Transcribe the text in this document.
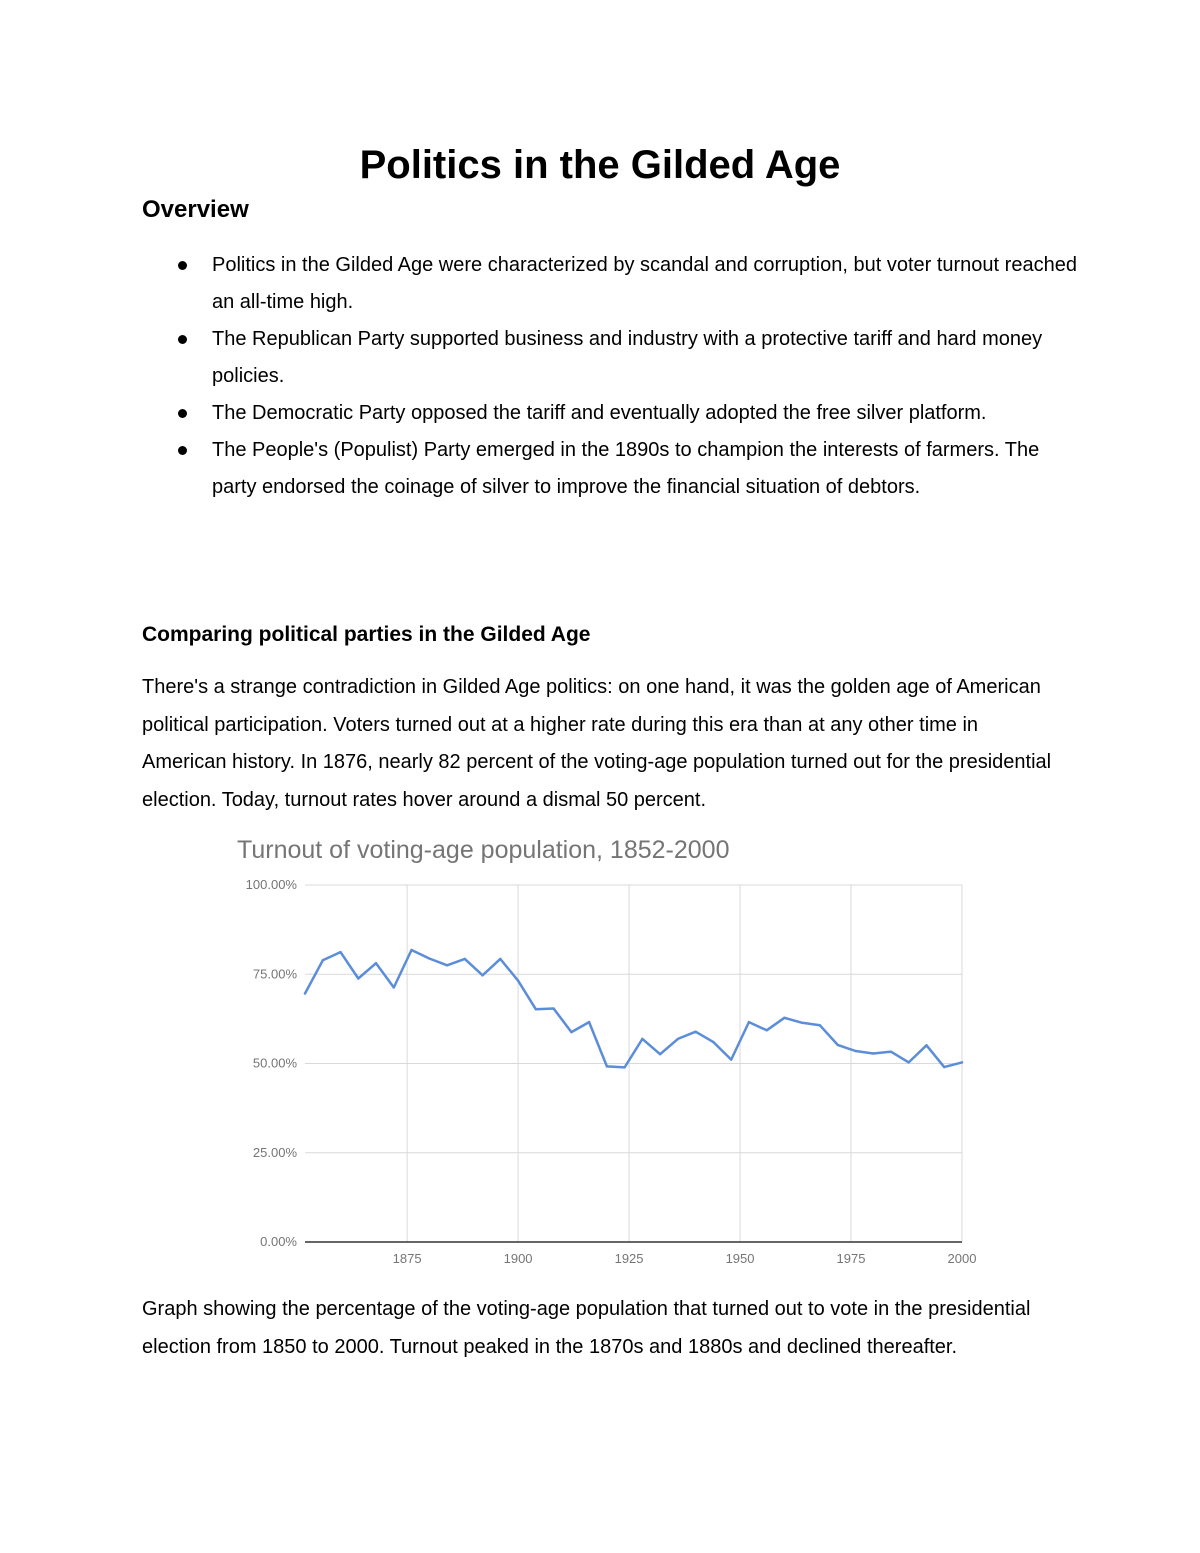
Politics in the Gilded Age
Overview
Politics in the Gilded Age were characterized by scandal and corruption, but voter turnout reached an all-time high.
The Republican Party supported business and industry with a protective tariff and hard money policies.
The Democratic Party opposed the tariff and eventually adopted the free silver platform.
The People's (Populist) Party emerged in the 1890s to champion the interests of farmers. The party endorsed the coinage of silver to improve the financial situation of debtors.
Comparing political parties in the Gilded Age

There's a strange contradiction in Gilded Age politics: on one hand, it was the golden age of American political participation. Voters turned out at a higher rate during this era than at any other time in American history. In 1876, nearly 82 percent of the voting-age population turned out for the presidential election. Today, turnout rates hover around a dismal 50 percent.

0.00%
25.00%
50.00%
75.00%
100.00%
1875	1900	1925	1950	1975	2000

Turnout of voting-age population, 1852-2000

Graph showing the percentage of the voting-age population that turned out to vote in the presidential election from 1850 to 2000. Turnout peaked in the 1870s and 1880s and declined thereafter.
